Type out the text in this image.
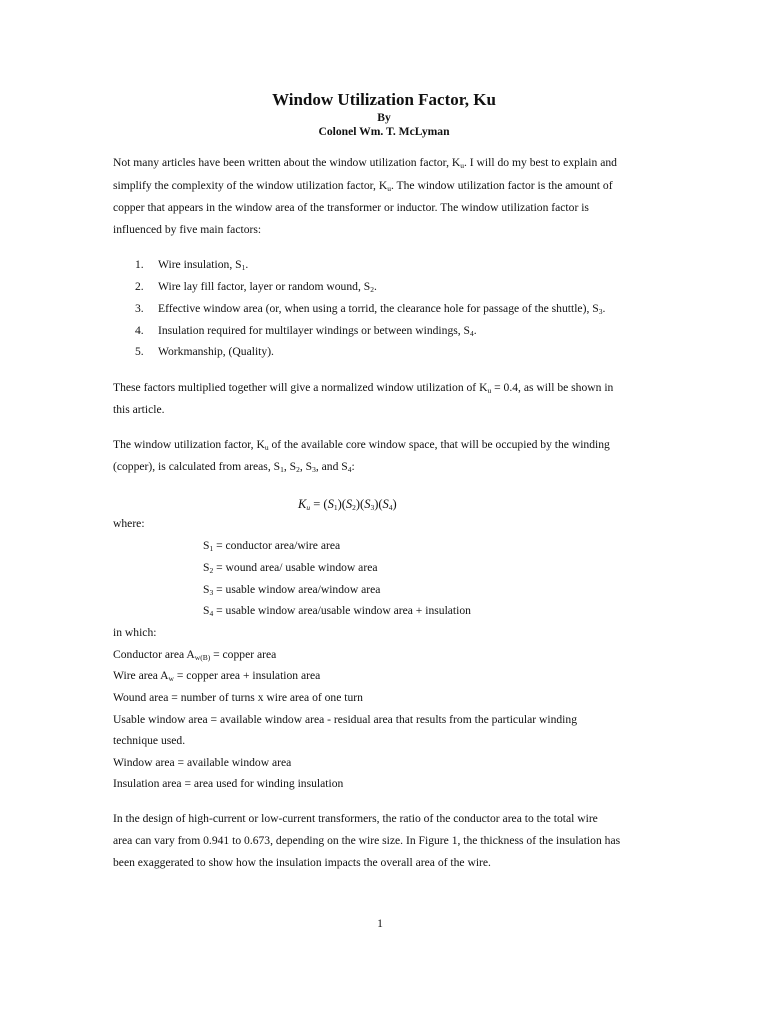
Window Utilization Factor, Ku
By
Colonel Wm. T. McLyman
Not many articles have been written about the window utilization factor, $K_u$. I will do my best to explain and
simplify the complexity of the window utilization factor, $K_u$. The window utilization factor is the amount of
copper that appears in the window area of the transformer or inductor. The window utilization factor is
influenced by five main factors:
1. Wire insulation, $S_1$.
2. Wire lay fill factor, layer or random wound, $S_2$.
3. Effective window area (or, when using a torrid, the clearance hole for passage of the shuttle), $S_3$.
4. Insulation required for multilayer windings or between windings, $S_4$.
5. Workmanship, (Quality).
These factors multiplied together will give a normalized window utilization of $K_u = 0.4$, as will be shown in
this article.
The window utilization factor, $K_u$ of the available core window space, that will be occupied by the winding
(copper), is calculated from areas, $S_1$, $S_2$, $S_3$, and $S_4$:
$K_u = (S_1)(S_2)(S_3)(S_4)$
where:
$S_1$ = conductor area/wire area
$S_2$ = wound area/ usable window area
$S_3$ = usable window area/window area
$S_4$ = usable window area/usable window area + insulation
in which:
Conductor area $A_{w(B)}$ = copper area
Wire area $A_w$ = copper area + insulation area
Wound area = number of turns x wire area of one turn
Usable window area = available window area - residual area that results from the particular winding
technique used.
Window area = available window area
Insulation area = area used for winding insulation
In the design of high-current or low-current transformers, the ratio of the conductor area to the total wire
area can vary from 0.941 to 0.673, depending on the wire size. In Figure 1, the thickness of the insulation has
been exaggerated to show how the insulation impacts the overall area of the wire.
1
